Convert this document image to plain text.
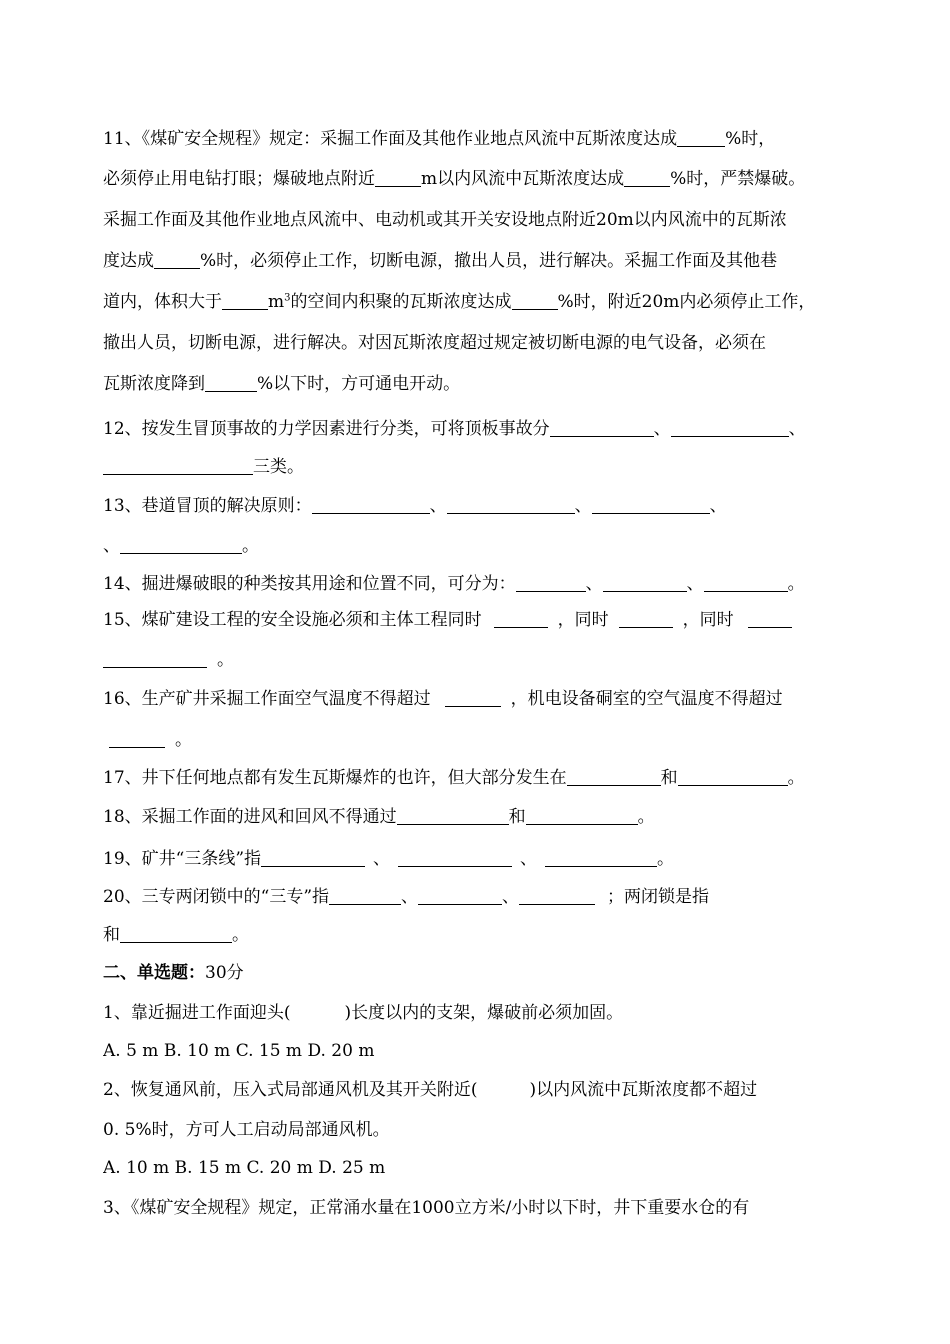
11、《煤矿安全规程》规定：采掘工作面及其他作业地点风流中瓦斯浓度达成	%时，
必须停止用电钻打眼；爆破地点附近	m以内风流中瓦斯浓度达成	%时，严禁爆破。
采掘工作面及其他作业地点风流中、电动机或其开关安设地点附近20m以内风流中的瓦斯浓
度达成	%时，必须停止工作，切断电源，撤出人员，进行解决。采掘工作面及其他巷
道内，体积大于	$m^3$的空间内积聚的瓦斯浓度达成	%时，附近20m内必须停止工作，
撤出人员，切断电源，进行解决。对因瓦斯浓度超过规定被切断电源的电气设备，必须在
瓦斯浓度降到	%以下时，方可通电开动。
12、按发生冒顶事故的力学因素进行分类，可将顶板事故分	、	、
三类。
13、巷道冒顶的解决原则：	、	、	、
、	。
14、掘进爆破眼的种类按其用途和位置不同，可分为：	、	、	。
15、煤矿建设工程的安全设施必须和主体工程同时	，同时	，同时
。
16、生产矿井采掘工作面空气温度不得超过	，机电设备硐室的空气温度不得超过
。
17、井下任何地点都有发生瓦斯爆炸的也许，但大部分发生在	和	。
18、采掘工作面的进风和回风不得通过	和	。
19、矿井“三条线”指	、	、	。
20、三专两闭锁中的“三专”指	、	、	；两闭锁是指
和	。
二、单选题：30分
1、靠近掘进工作面迎头(	)长度以内的支架，爆破前必须加固。
A. 5 m B. 10 m C. 15 m D. 20 m
2、恢复通风前，压入式局部通风机及其开关附近(	)以内风流中瓦斯浓度都不超过
0. 5%时，方可人工启动局部通风机。
A. 10 m B. 15 m C. 20 m D. 25 m
3、《煤矿安全规程》规定，正常涌水量在1000立方米/小时以下时，井下重要水仓的有
